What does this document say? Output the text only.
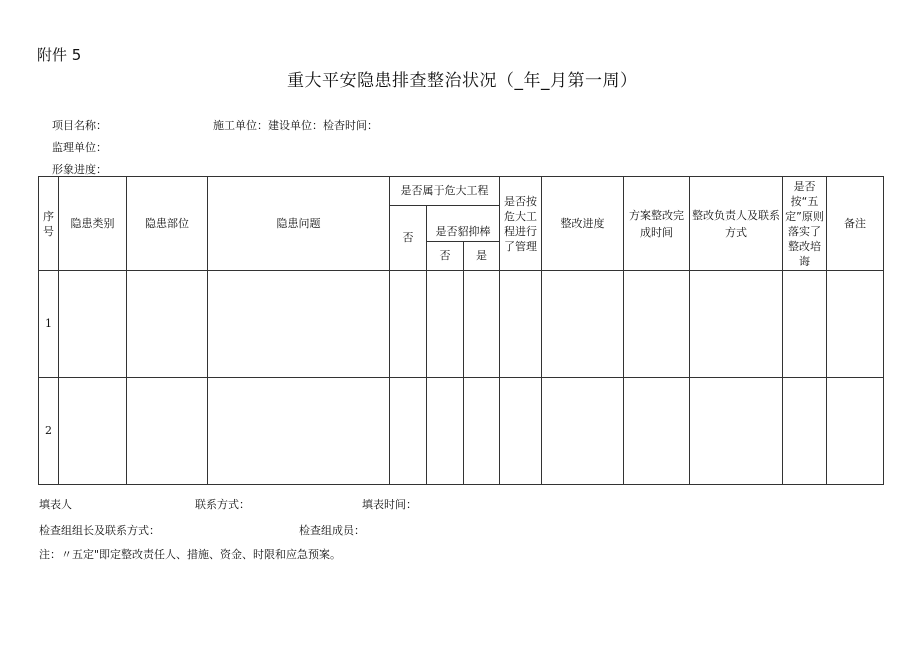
附件 5
重大平安隐患排查整治状况（_年_月第一周）
项目名称：	施工单位：建设单位：检杳时间：
监理单位：
形象进度：
序号	隐患类别	隐患部位	隐患问题	是否属于危大工程			是否按危大工程进行了管理	整改进度	方案整改完成时间	整改负责人及联系方式	是否按“五定”原则落实了整改培诲	备注
				否	是否貂抑棒							
					否	是						
1												
2												
填表人	联系方式：	填表时间：
检查组组长及联系方式：	检查组成员：
注：〃五定"即定整改责任人、措施、资金、时限和应急预案。
